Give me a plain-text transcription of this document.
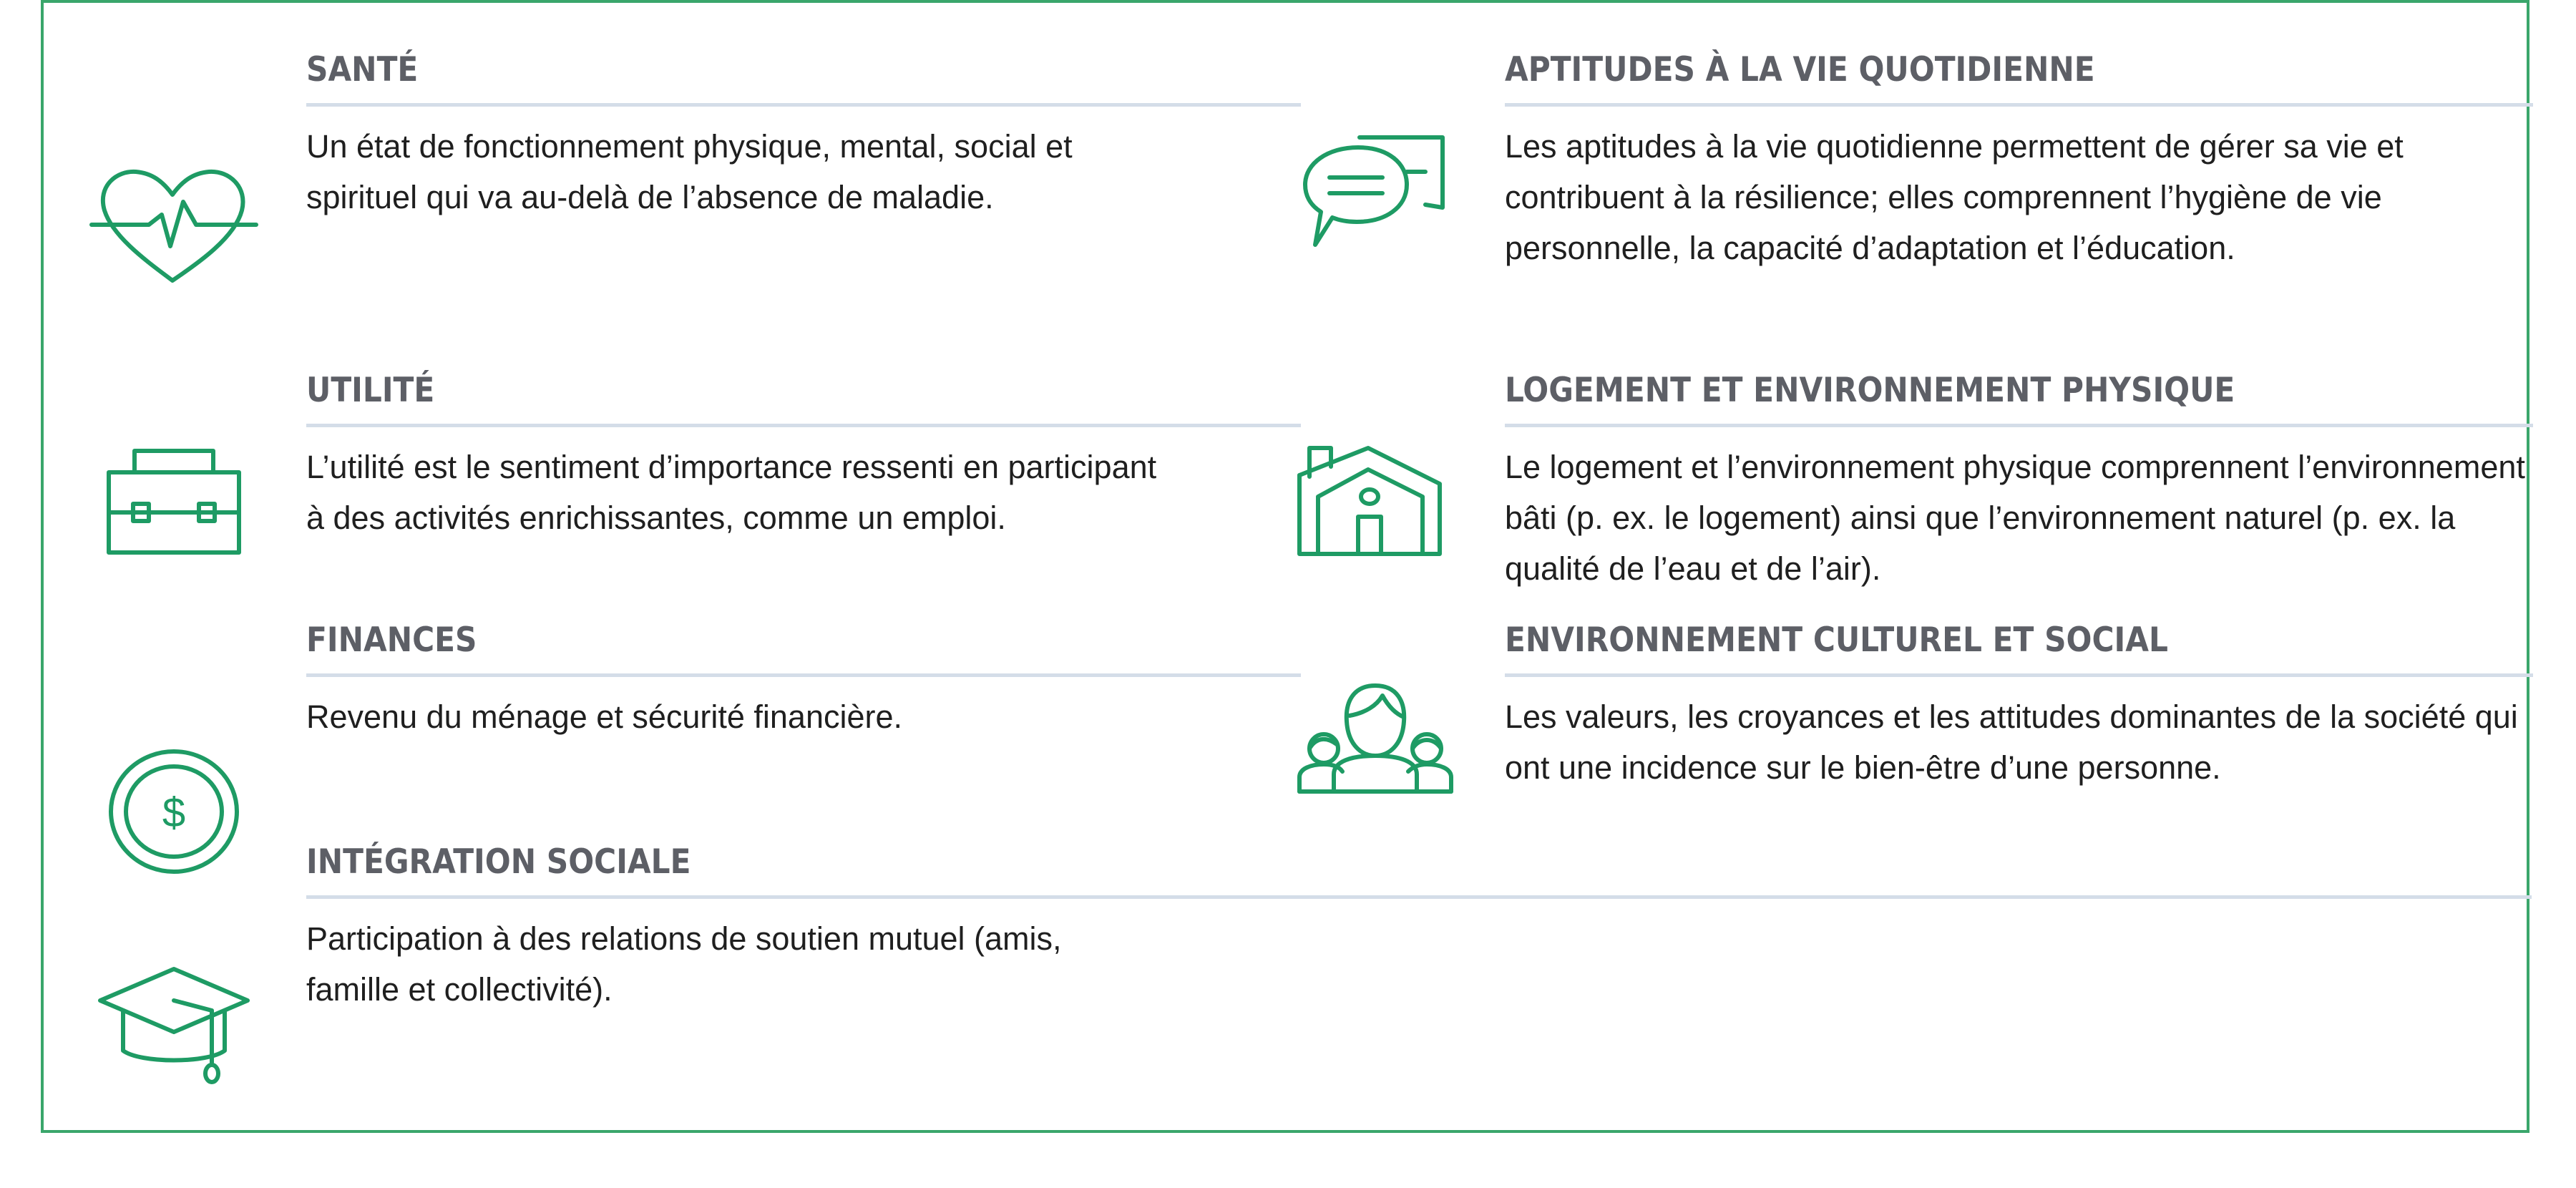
SANTÉ
Un état de fonctionnement physique, mental, social et spirituel qui va au-delà de l’absence de maladie.
UTILITÉ
L’utilité est le sentiment d’importance ressenti en participant à des activités enrichissantes, comme un emploi.
FINANCES
Revenu du ménage et sécurité financière.
$
INTÉGRATION SOCIALE
Participation à des relations de soutien mutuel (amis, famille et collectivité).
APTITUDES À LA VIE QUOTIDIENNE
Les aptitudes à la vie quotidienne permettent de gérer sa vie et contribuent à la résilience; elles comprennent l’hygiène de vie personnelle, la capacité d’adaptation et l’éducation.
LOGEMENT ET ENVIRONNEMENT PHYSIQUE
Le logement et l’environnement physique comprennent l’environnement bâti (p. ex. le logement) ainsi que l’environnement naturel (p. ex. la qualité de l’eau et de l’air).
ENVIRONNEMENT CULTUREL ET SOCIAL
Les valeurs, les croyances et les attitudes dominantes de la société qui ont une incidence sur le bien-être d’une personne.
